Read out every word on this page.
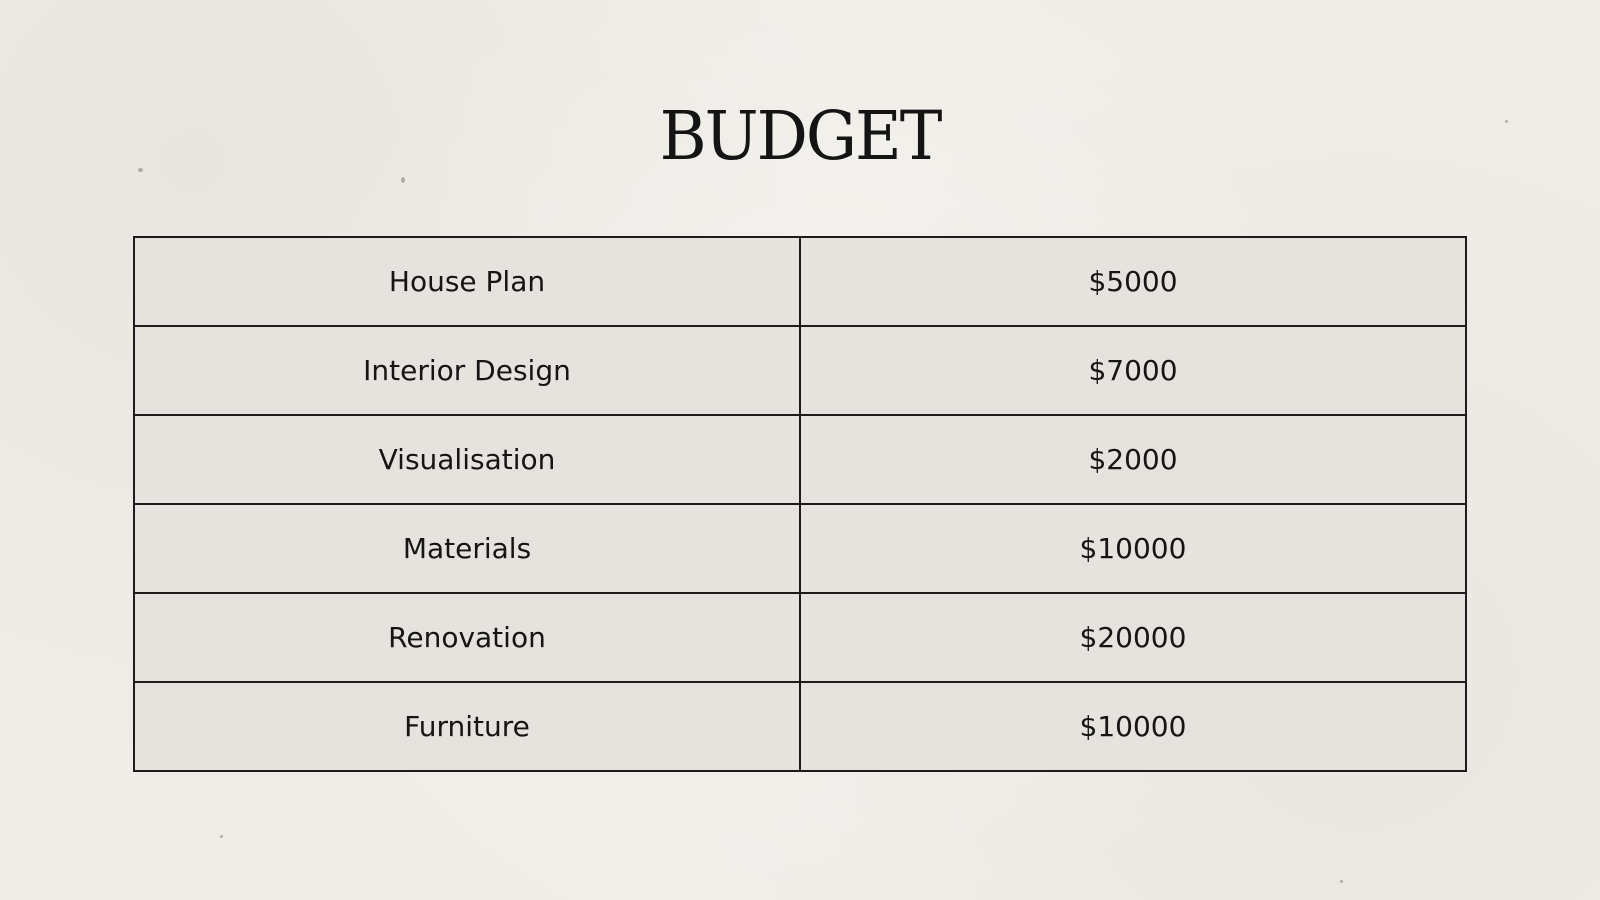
BUDGET
House Plan	$5000
Interior Design	$7000
Visualisation	$2000
Materials	$10000
Renovation	$20000
Furniture	$10000
